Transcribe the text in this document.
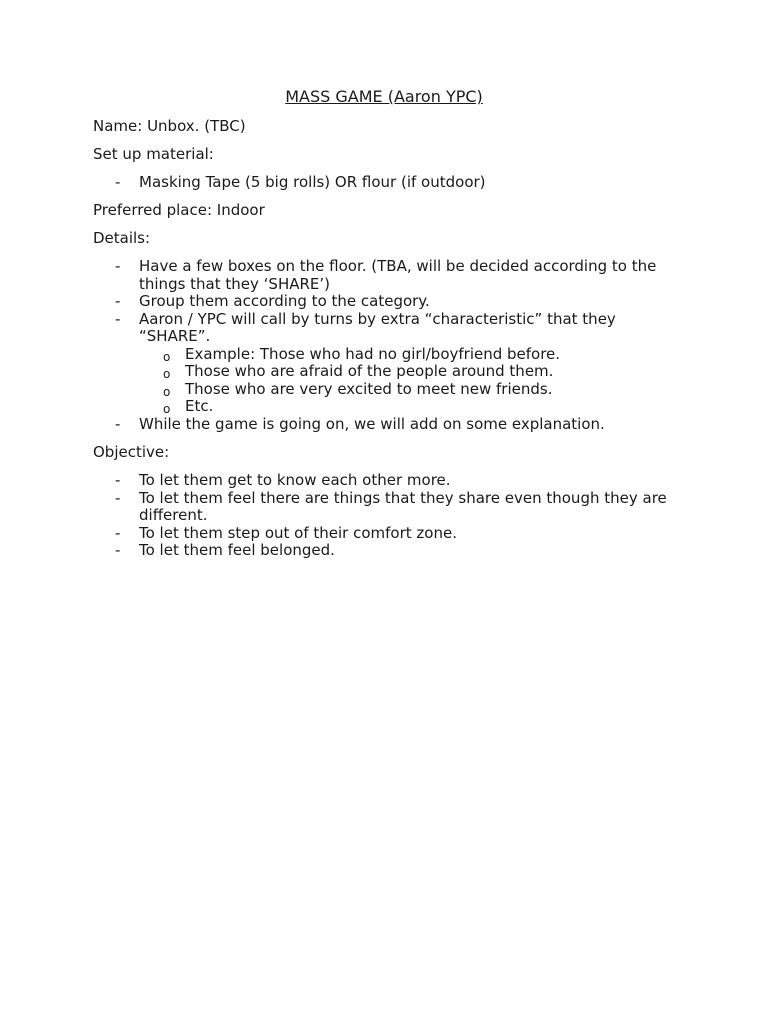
MASS GAME (Aaron YPC)

Name: Unbox. (TBC)

Set up material:

- Masking Tape (5 big rolls) OR flour (if outdoor)

Preferred place: Indoor

Details:

- Have a few boxes on the floor. (TBA, will be decided according to the things that they ‘SHARE’)
- Group them according to the category.
- Aaron / YPC will call by turns by extra “characteristic” that they “SHARE”.
o Example: Those who had no girl/boyfriend before.
o Those who are afraid of the people around them.
o Those who are very excited to meet new friends.
o Etc.
- While the game is going on, we will add on some explanation.

Objective:

- To let them get to know each other more.
- To let them feel there are things that they share even though they are different.
- To let them step out of their comfort zone.
- To let them feel belonged.
